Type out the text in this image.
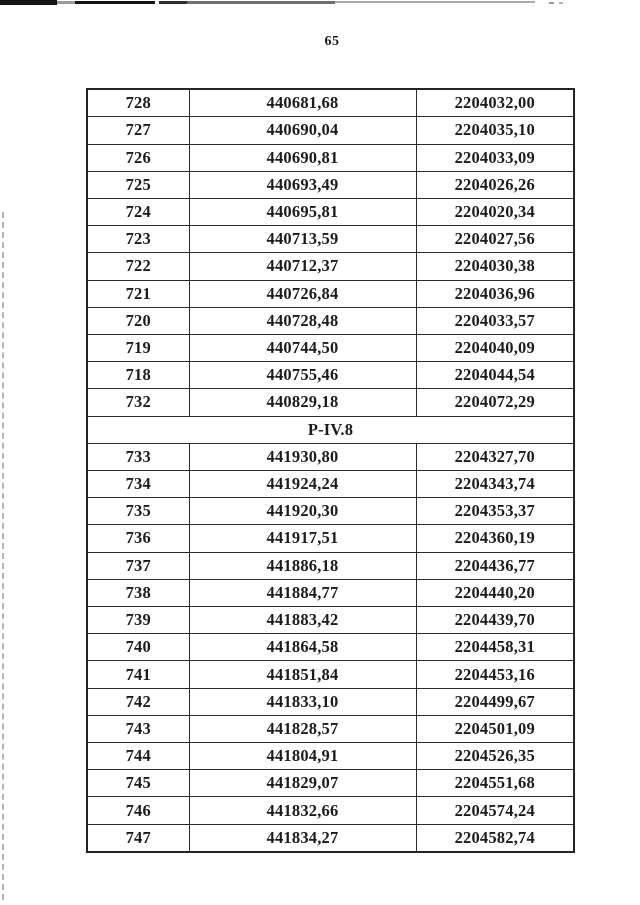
65
728	440681,68	2204032,00
727	440690,04	2204035,10
726	440690,81	2204033,09
725	440693,49	2204026,26
724	440695,81	2204020,34
723	440713,59	2204027,56
722	440712,37	2204030,38
721	440726,84	2204036,96
720	440728,48	2204033,57
719	440744,50	2204040,09
718	440755,46	2204044,54
732	440829,18	2204072,29
P-IV.8		
733	441930,80	2204327,70
734	441924,24	2204343,74
735	441920,30	2204353,37
736	441917,51	2204360,19
737	441886,18	2204436,77
738	441884,77	2204440,20
739	441883,42	2204439,70
740	441864,58	2204458,31
741	441851,84	2204453,16
742	441833,10	2204499,67
743	441828,57	2204501,09
744	441804,91	2204526,35
745	441829,07	2204551,68
746	441832,66	2204574,24
747	441834,27	2204582,74
